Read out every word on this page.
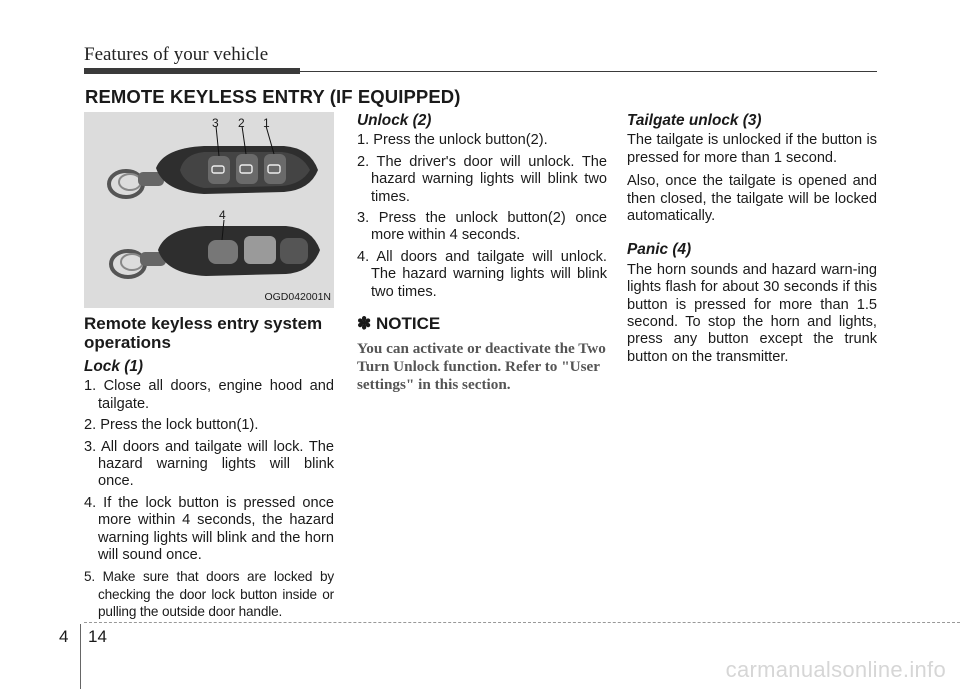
Features of your vehicle
REMOTE KEYLESS ENTRY (IF EQUIPPED)
3 2 1
4
OGD042001N
Remote keyless entry system operations
Lock (1)
1. Close all doors, engine hood and tailgate.
2. Press the lock button(1).
3. All doors and tailgate will lock. The hazard warning lights will blink once.
4. If the lock button is pressed once more within 4 seconds, the hazard warning lights will blink and the horn will sound once.
5. Make sure that doors are locked by checking the door lock button inside or pulling the outside door handle.
Unlock (2)
1. Press the unlock button(2).
2. The driver's door will unlock. The hazard warning lights will blink two times.
3. Press the unlock button(2) once more within 4 seconds.
4. All doors and tailgate will unlock. The hazard warning lights will blink two times.
✽ NOTICE

You can activate or deactivate the Two Turn Unlock function. Refer to "User settings" in this section.

Tailgate unlock (3)

The tailgate is unlocked if the button is pressed for more than 1 second.

Also, once the tailgate is opened and then closed, the tailgate will be locked automatically.

Panic (4)

The horn sounds and hazard warn-ing lights flash for about 30 seconds if this button is pressed for more than 1.5 second. To stop the horn and lights, press any button except the trunk button on the transmitter.

4 14
carmanualsonline.info
